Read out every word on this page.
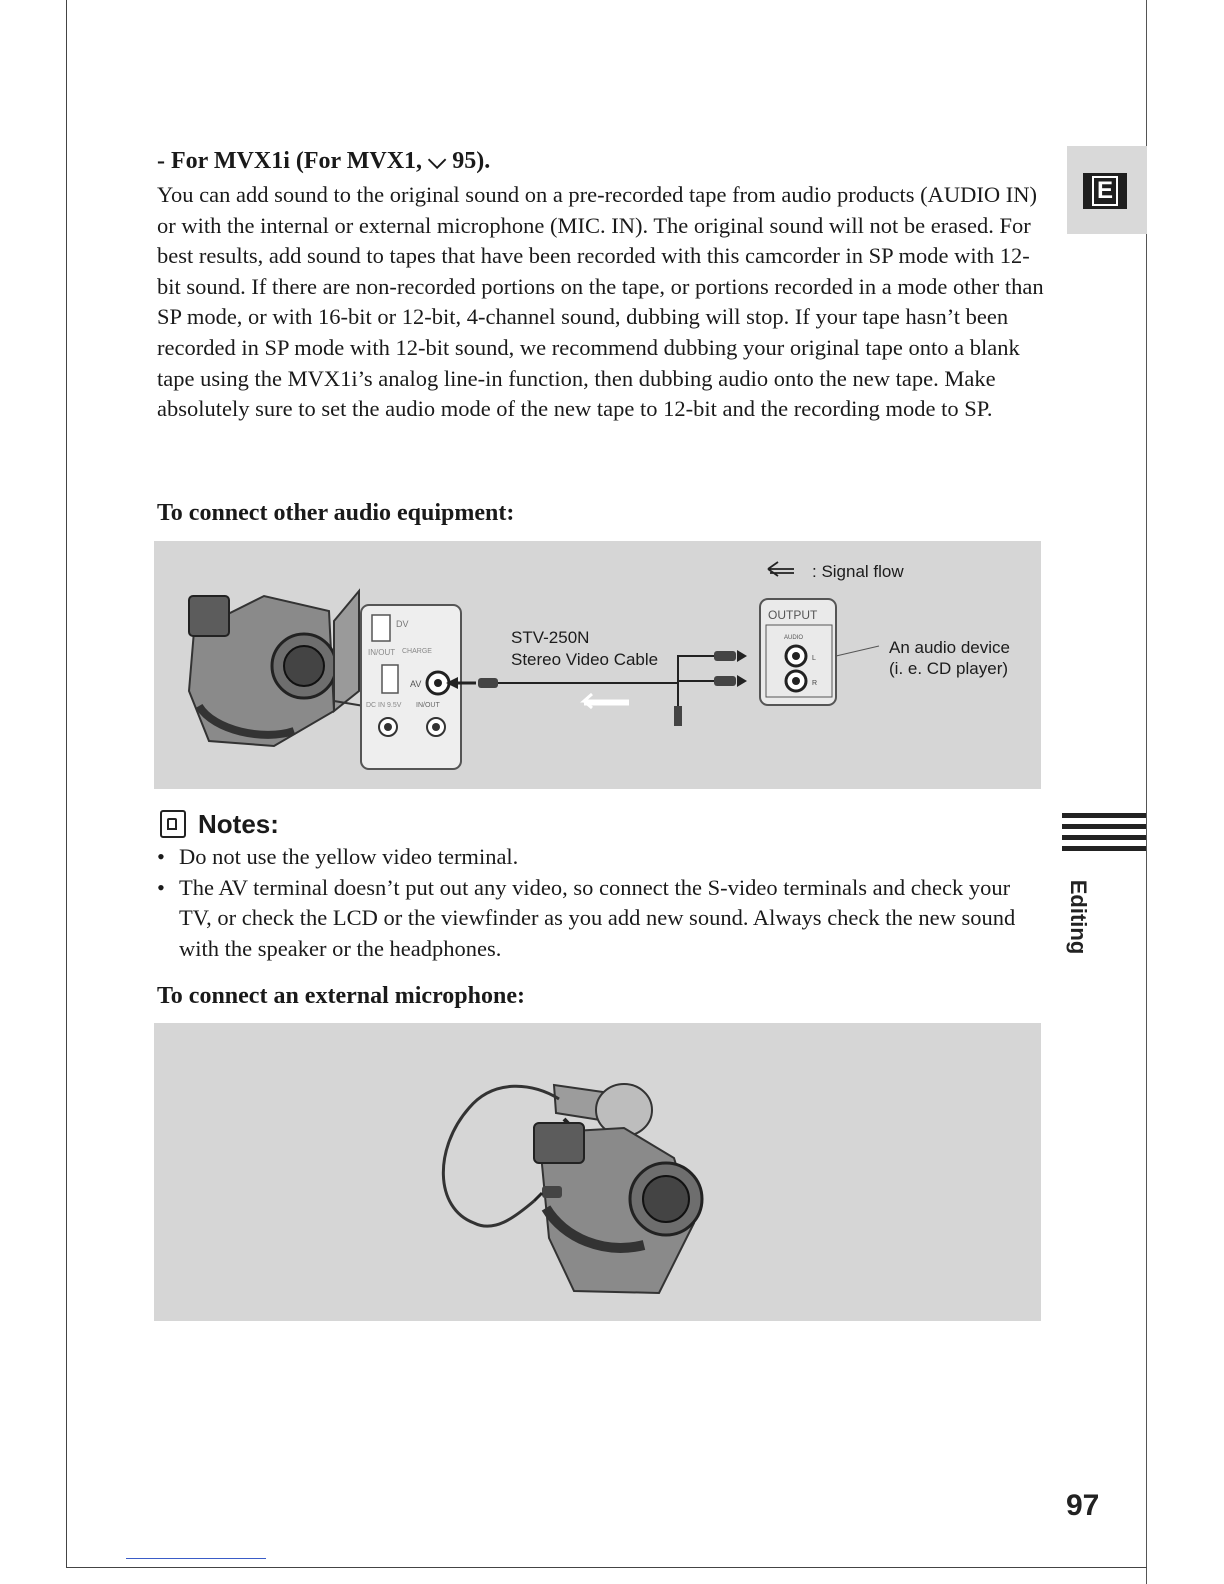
E
Editing

- For MVX1i (For MVX1, ⌵ 95).

You can add sound to the original sound on a pre-recorded tape from audio products (AUDIO IN) or with the internal or external microphone (MIC. IN). The original sound will not be erased. For best results, add sound to tapes that have been recorded with this camcorder in SP mode with 12-bit sound. If there are non-recorded portions on the tape, or portions recorded in a mode other than SP mode, or with 16-bit or 12-bit, 4-channel sound, dubbing will stop. If your tape hasn’t been recorded in SP mode with 12-bit sound, we recommend dubbing your original tape onto a blank tape using the MVX1i’s analog line-in function, then dubbing audio onto the new tape. Make absolutely sure to set the audio mode of the new tape to 12-bit and the recording mode to SP.

To connect other audio equipment:

DV
IN/OUT CHARGE
AV
DC IN 9.5V IN/OUT
OUTPUT
AUDIO
L
R
: Signal flow
STV-250N
Stereo Video Cable
An audio device
(i. e. CD player)
Notes:
• Do not use the yellow video terminal.
• The AV terminal doesn’t put out any video, so connect the S-video terminals and check your TV, or check the LCD or the viewfinder as you add new sound. Always check the new sound with the speaker or the headphones.

To connect an external microphone:

97
